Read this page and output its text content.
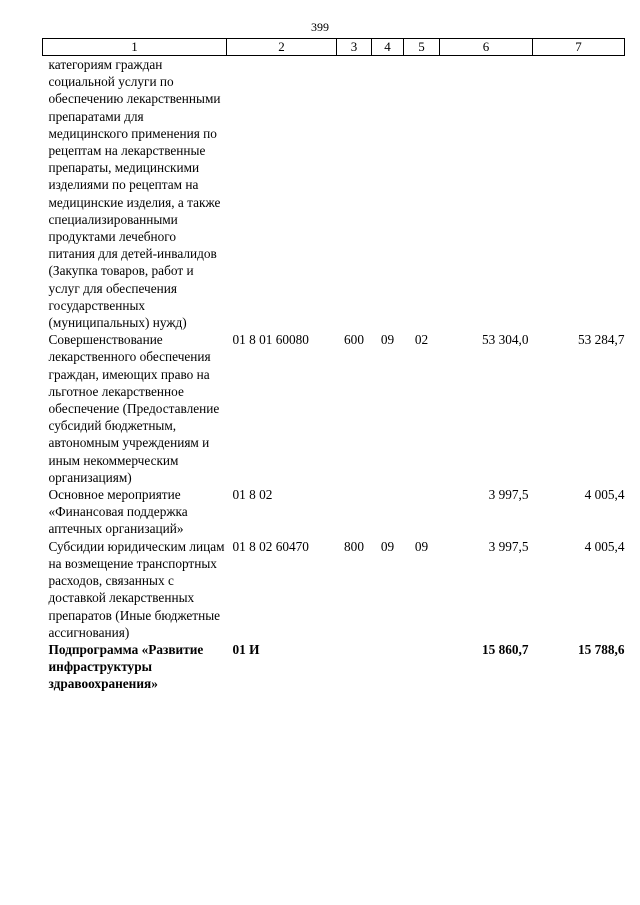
399
1	2	3	4	5	6	7
категориям граждан социальной услуги по обеспечению лекарственными препаратами для медицинского применения по рецептам на лекарственные препараты, медицинскими изделиями по рецептам на медицинские изделия, а также специализированными продуктами лечебного питания для детей-инвалидов (Закупка товаров, работ и услуг для обеспечения государственных (муниципальных) нужд)						
Совершенствование лекарственного обеспечения граждан, имеющих право на льготное лекарственное обеспечение (Предоставление субсидий бюджетным, автономным учреждениям и иным некоммерческим организациям)	01 8 01 60080	600	09	02	53 304,0	53 284,7
Основное мероприятие «Финансовая поддержка аптечных организаций»	01 8 02				3 997,5	4 005,4
Субсидии юридическим лицам на возмещение транспортных расходов, связанных с доставкой лекарственных препаратов (Иные бюджетные ассигнования)	01 8 02 60470	800	09	09	3 997,5	4 005,4
Подпрограмма «Развитие инфраструктуры здравоохранения»	01 И				15 860,7	15 788,6
